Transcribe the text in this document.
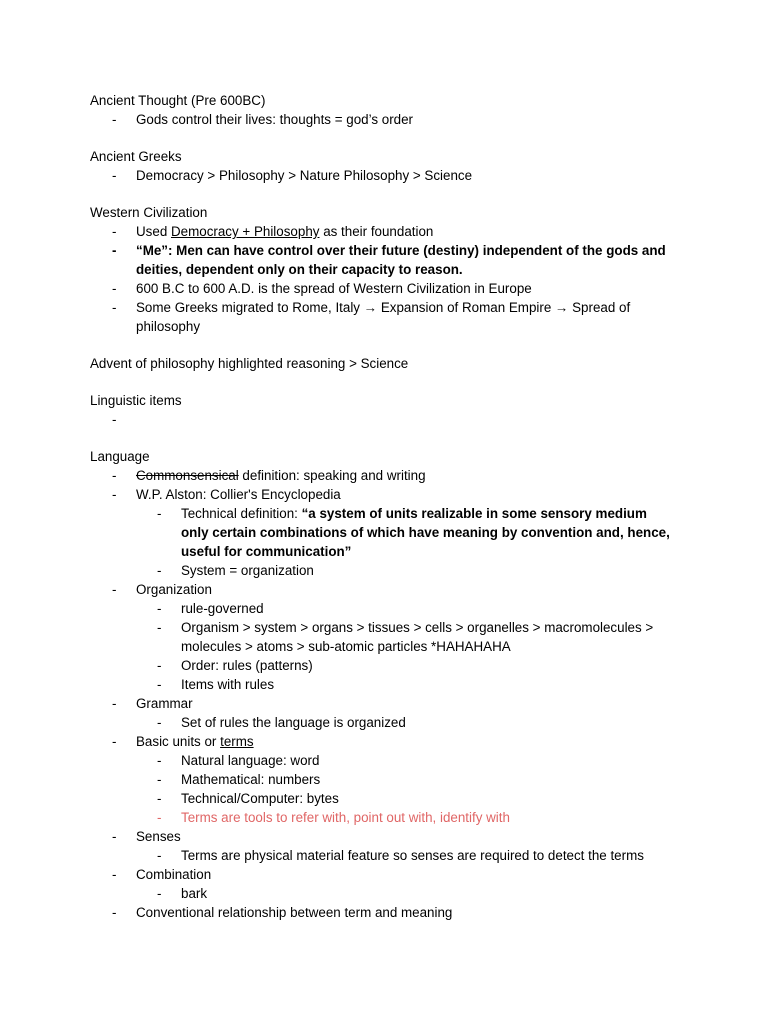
Ancient Thought (Pre 600BC)
- Gods control their lives: thoughts = god’s order
Ancient Greeks
- Democracy > Philosophy > Nature Philosophy > Science
Western Civilization
- Used Democracy + Philosophy as their foundation
- “Me”: Men can have control over their future (destiny) independent of the gods and deities, dependent only on their capacity to reason.
- 600 B.C to 600 A.D. is the spread of Western Civilization in Europe
- Some Greeks migrated to Rome, Italy → Expansion of Roman Empire → Spread of philosophy
Advent of philosophy highlighted reasoning > Science
Linguistic items
-

Language
- Commonsensical definition: speaking and writing
- W.P. Alston: Collier's Encyclopedia
- Technical definition: “a system of units realizable in some sensory medium only certain combinations of which have meaning by convention and, hence, useful for communication”
- System = organization
- Organization
- rule-governed
- Organism > system > organs > tissues > cells > organelles > macromolecules > molecules > atoms > sub-atomic particles *HAHAHAHA
- Order: rules (patterns)
- Items with rules
- Grammar
- Set of rules the language is organized
- Basic units or terms
- Natural language: word
- Mathematical: numbers
- Technical/Computer: bytes
- Terms are tools to refer with, point out with, identify with
- Senses
- Terms are physical material feature so senses are required to detect the terms
- Combination
- bark
- Conventional relationship between term and meaning
